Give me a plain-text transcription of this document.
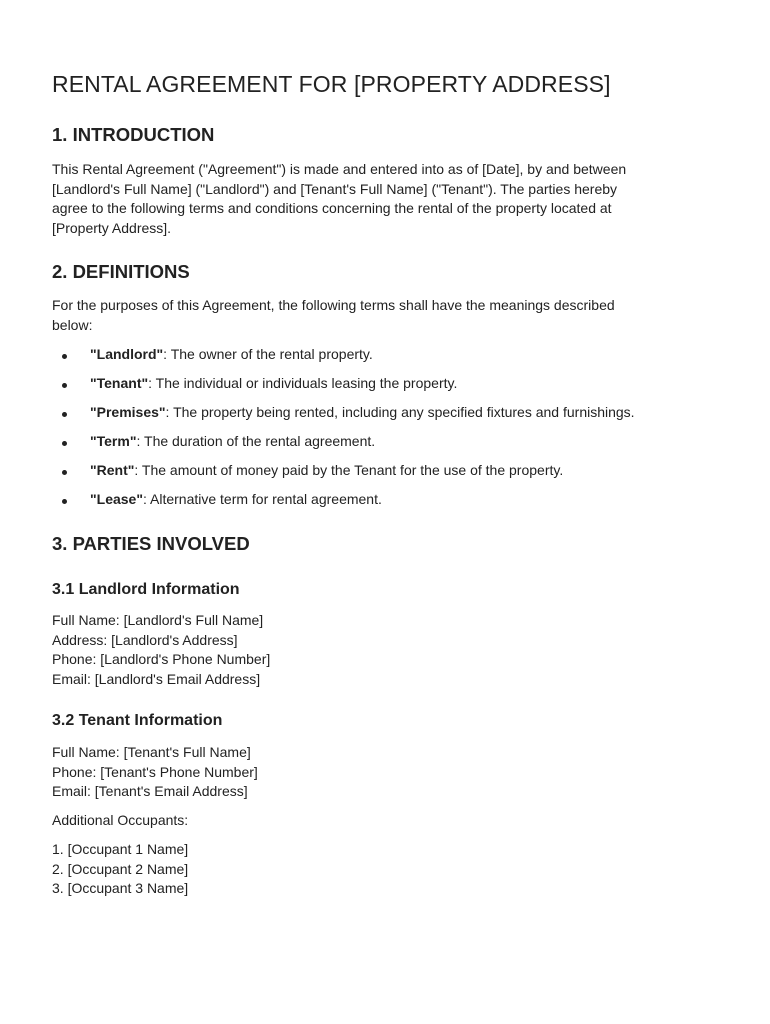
RENTAL AGREEMENT FOR [PROPERTY ADDRESS]
1. INTRODUCTION

This Rental Agreement ("Agreement") is made and entered into as of [Date], by and between
[Landlord's Full Name] ("Landlord") and [Tenant's Full Name] ("Tenant"). The parties hereby
agree to the following terms and conditions concerning the rental of the property located at
[Property Address].

2. DEFINITIONS

For the purposes of this Agreement, the following terms shall have the meanings described
below:

"Landlord": The owner of the rental property.
"Tenant": The individual or individuals leasing the property.
"Premises": The property being rented, including any specified fixtures and furnishings.
"Term": The duration of the rental agreement.
"Rent": The amount of money paid by the Tenant for the use of the property.
"Lease": Alternative term for rental agreement.
3. PARTIES INVOLVED
3.1 Landlord Information
Full Name: [Landlord's Full Name]
Address: [Landlord's Address]
Phone: [Landlord's Phone Number]
Email: [Landlord's Email Address]
3.2 Tenant Information
Full Name: [Tenant's Full Name]
Phone: [Tenant's Phone Number]
Email: [Tenant's Email Address]
Additional Occupants:
1. [Occupant 1 Name]
2. [Occupant 2 Name]
3. [Occupant 3 Name]
